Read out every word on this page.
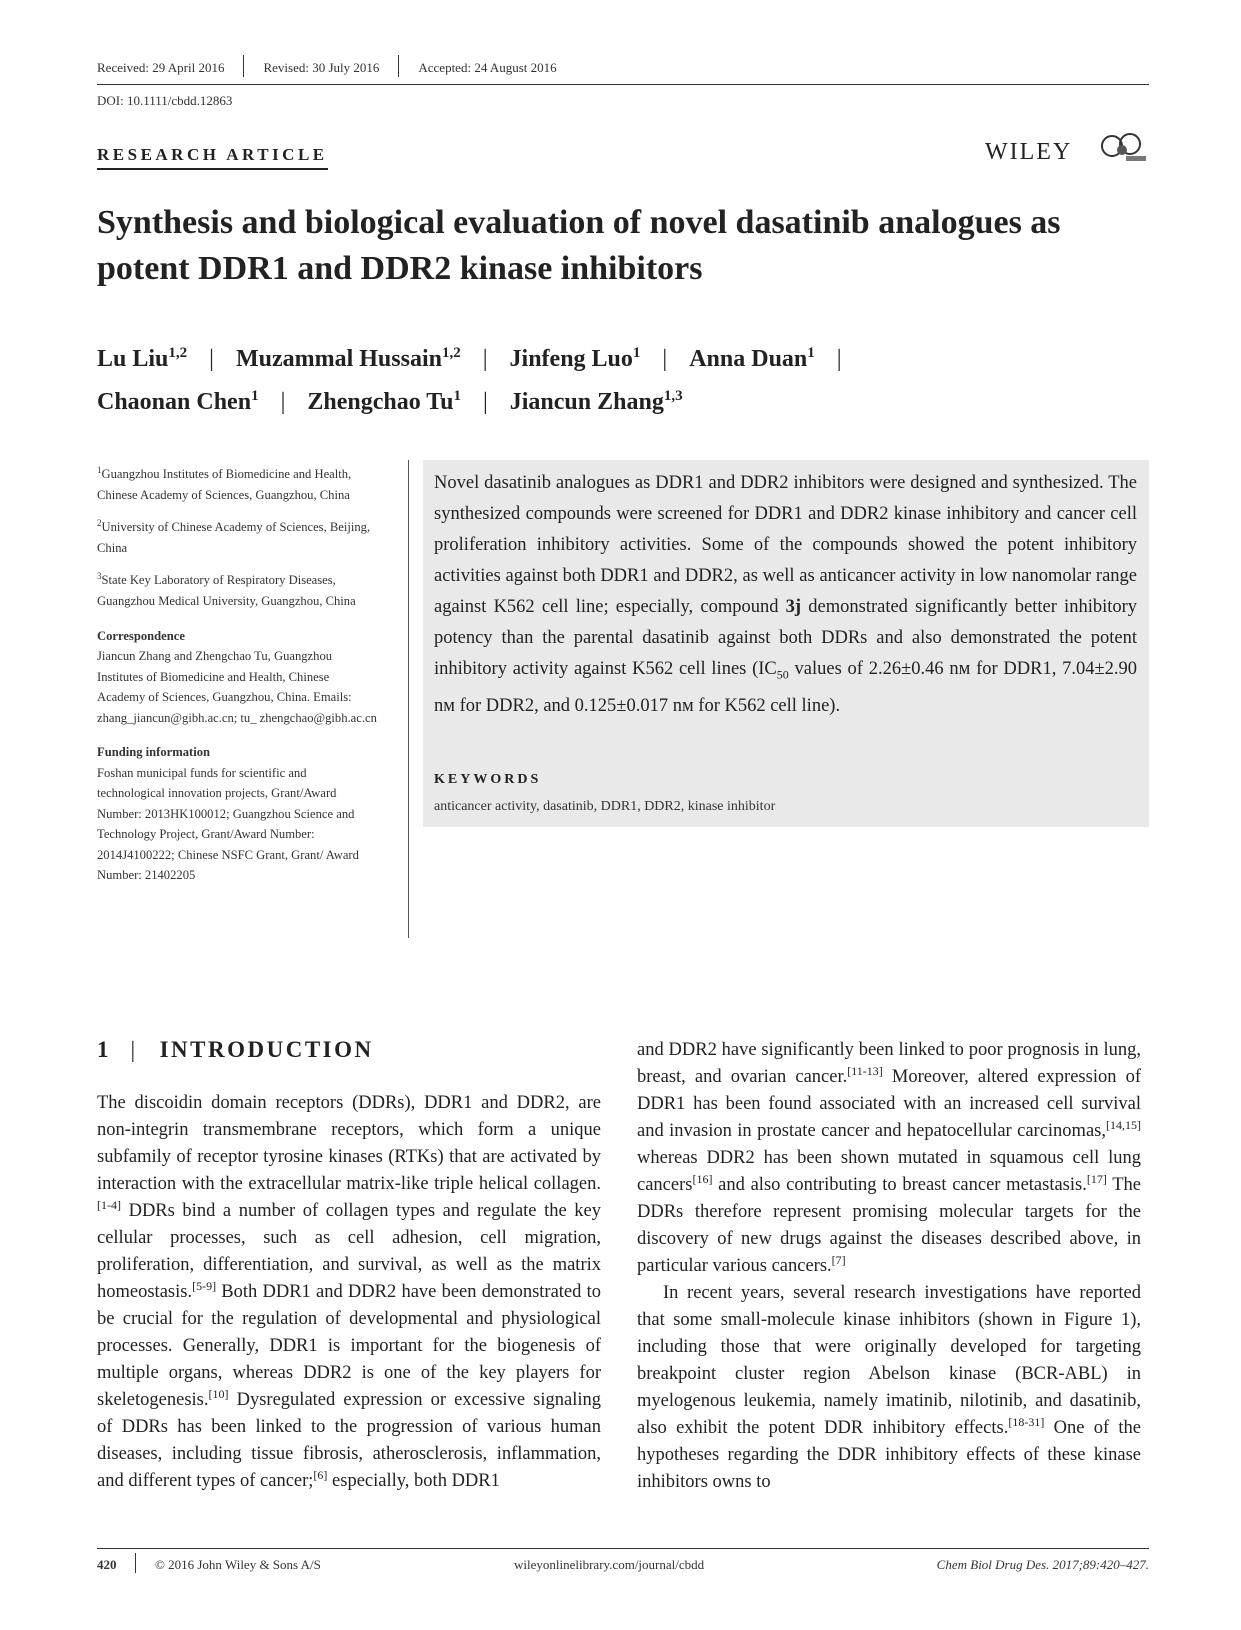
Received: 29 April 2016	Revised: 30 July 2016	Accepted: 24 August 2016
DOI: 10.1111/cbdd.12863
RESEARCH ARTICLE	WILEY
Synthesis and biological evaluation of novel dasatinib analogues as potent DDR1 and DDR2 kinase inhibitors
Lu Liu$^{1,2}$ | Muzammal Hussain$^{1,2}$ | Jinfeng Luo$^1$ | Anna Duan$^1$ |
Chaonan Chen$^1$ | Zhengchao Tu$^1$ | Jiancun Zhang$^{1,3}$

$^1$Guangzhou Institutes of Biomedicine and Health, Chinese Academy of Sciences, Guangzhou, China

$^2$University of Chinese Academy of Sciences, Beijing, China

$^3$State Key Laboratory of Respiratory Diseases, Guangzhou Medical University, Guangzhou, China

Correspondence
Jiancun Zhang and Zhengchao Tu, Guangzhou Institutes of Biomedicine and Health, Chinese Academy of Sciences, Guangzhou, China. Emails: zhang_jiancun@gibh.ac.cn; tu_ zhengchao@gibh.ac.cn
Funding information
Foshan municipal funds for scientific and technological innovation projects, Grant/Award Number: 2013HK100012; Guangzhou Science and Technology Project, Grant/Award Number: 2014J4100222; Chinese NSFC Grant, Grant/ Award Number: 21402205
Novel dasatinib analogues as DDR1 and DDR2 inhibitors were designed and synthesized. The synthesized compounds were screened for DDR1 and DDR2 kinase inhibitory and cancer cell proliferation inhibitory activities. Some of the compounds showed the potent inhibitory activities against both DDR1 and DDR2, as well as anticancer activity in low nanomolar range against K562 cell line; especially, compound 3j demonstrated significantly better inhibitory potency than the parental dasatinib against both DDRs and also demonstrated the potent inhibitory activity against K562 cell lines ($IC_{50}$ values of 2.26±0.46 nм for DDR1, 7.04±2.90 nм for DDR2, and 0.125±0.017 nм for K562 cell line).
KEYWORDS
anticancer activity, dasatinib, DDR1, DDR2, kinase inhibitor
1 | INTRODUCTION
The discoidin domain receptors (DDRs), DDR1 and DDR2, are non-integrin transmembrane receptors, which form a unique subfamily of receptor tyrosine kinases (RTKs) that are activated by interaction with the extracellular matrix-like triple helical collagen.[1-4] DDRs bind a number of collagen types and regulate the key cellular processes, such as cell adhesion, cell migration, proliferation, differentiation, and survival, as well as the matrix homeostasis.[5-9] Both DDR1 and DDR2 have been demonstrated to be crucial for the regulation of developmental and physiological processes. Generally, DDR1 is important for the biogenesis of multiple organs, whereas DDR2 is one of the key players for skeletogenesis.[10] Dysregulated expression or excessive signaling of DDRs has been linked to the progression of various human diseases, including tissue fibrosis, atherosclerosis, inflammation, and different types of cancer;[6] especially, both DDR1
and DDR2 have significantly been linked to poor prognosis in lung, breast, and ovarian cancer.[11-13] Moreover, altered expression of DDR1 has been found associated with an increased cell survival and invasion in prostate cancer and hepatocellular carcinomas,[14,15] whereas DDR2 has been shown mutated in squamous cell lung cancers[16] and also contributing to breast cancer metastasis.[17] The DDRs therefore represent promising molecular targets for the discovery of new drugs against the diseases described above, in particular various cancers.[7]
In recent years, several research investigations have reported that some small-molecule kinase inhibitors (shown in Figure 1), including those that were originally developed for targeting breakpoint cluster region Abelson kinase (BCR-ABL) in myelogenous leukemia, namely imatinib, nilotinib, and dasatinib, also exhibit the potent DDR inhibitory effects.[18-31] One of the hypotheses regarding the DDR inhibitory effects of these kinase inhibitors owns to
420	© 2016 John Wiley & Sons A/S	wileyonlinelibrary.com/journal/cbdd	Chem Biol Drug Des. 2017;89:420–427.
